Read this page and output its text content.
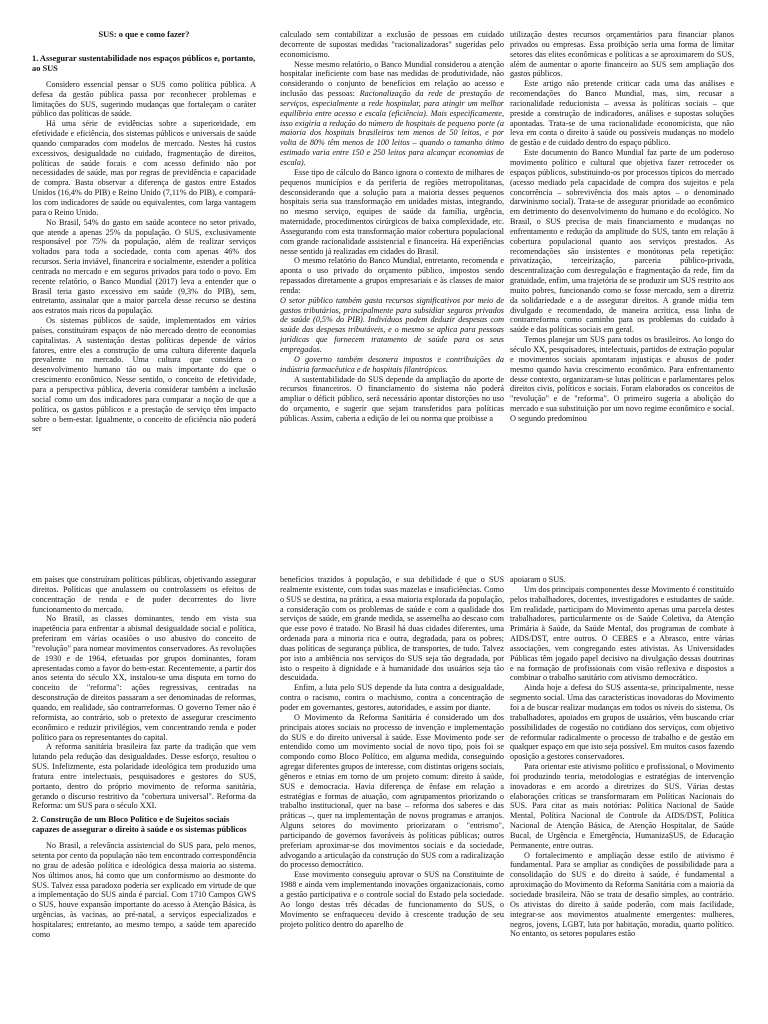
SUS: o que e como fazer?
1. Assegurar sustentabilidade nos espaços públicos e, portanto, ao SUS

Considero essencial pensar o SUS como política pública. A defesa da gestão pública passa por reconhecer problemas e limitações do SUS, sugerindo mudanças que fortaleçam o caráter público das políticas de saúde.

Há uma série de evidências sobre a superioridade, em efetividade e eficiência, dos sistemas públicos e universais de saúde quando comparados com modelos de mercado. Nestes há custos excessivos, desigualdade no cuidado, fragmentação de direitos, políticas de saúde focais e com acesso definido não por necessidades de saúde, mas por regras de previdência e capacidade de compra. Basta observar a diferença de gastos entre Estados Unidos (16,4% do PIB) e Reino Unido (7,11% do PIB), e compará-los com indicadores de saúde ou equivalentes, com larga vantagem para o Reino Unido.

No Brasil, 54% do gasto em saúde acontece no setor privado, que atende a apenas 25% da população. O SUS, exclusivamente responsável por 75% da população, além de realizar serviços voltados para toda a sociedade, conta com apenas 46% dos recursos. Seria inviável, financeira e socialmente, estender a política centrada no mercado e em seguros privados para todo o povo. Em recente relatório, o Banco Mundial (2017) leva a entender que o Brasil teria gasto excessivo em saúde (9,3% do PIB), sem, entretanto, assinalar que a maior parcela desse recurso se destina aos estratos mais ricos da população.

Os sistemas públicos de saúde, implementados em vários países, constituíram espaços de não mercado dentro de economias capitalistas. A sustentação destas políticas depende de vários fatores, entre eles a construção de uma cultura diferente daquela prevalente no mercado. Uma cultura que considera o desenvolvimento humano tão ou mais importante do que o crescimento econômico. Nesse sentido, o conceito de efetividade, para a perspectiva pública, deveria considerar também a inclusão social como um dos indicadores para comparar a noção de que a política, os gastos públicos e a prestação de serviço têm impacto sobre o bem-estar. Igualmente, o conceito de eficiência não poderá ser

calculado sem contabilizar a exclusão de pessoas em cuidado decorrente de supostas medidas "racionalizadoras" sugeridas pelo economicismo.

Nesse mesmo relatório, o Banco Mundial considerou a atenção hospitalar ineficiente com base nas medidas de produtividade, não considerando o conjunto de benefícios em relação ao acesso e inclusão das pessoas: Racionalização da rede de prestação de serviços, especialmente a rede hospitalar, para atingir um melhor equilíbrio entre acesso e escala (eficiência). Mais especificamente, isso exigiria a redução do número de hospitais de pequeno porte (a maioria dos hospitais brasileiros tem menos de 50 leitos, e por volta de 80% têm menos de 100 leitos – quando o tamanho ótimo estimado varia entre 150 e 250 leitos para alcançar economias de escala).

Esse tipo de cálculo do Banco ignora o contexto de milhares de pequenos municípios e da periferia de regiões metropolitanas, desconsiderando que a solução para a maioria desses pequenos hospitais seria sua transformação em unidades mistas, integrando, no mesmo serviço, equipes de saúde da família, urgência, maternidade, procedimentos cirúrgicos de baixa complexidade, etc. Assegurando com esta transformação maior cobertura populacional com grande racionalidade assistencial e financeira. Há experiências nesse sentido já realizadas em cidades do Brasil.

O mesmo relatório do Banco Mundial, entretanto, recomenda e aponta o uso privado do orçamento público, impostos sendo repassados diretamente a grupos empresariais e às classes de maior renda:

O setor público também gasta recursos significativos por meio de gastos tributários, principalmente para subsidiar seguros privados de saúde (0,5% do PIB). Indivíduos podem deduzir despesas com saúde das despesas tributáveis, e o mesmo se aplica para pessoas jurídicas que fornecem tratamento de saúde para os seus empregados.

O governo também desonera impostos e contribuições da indústria farmacêutica e de hospitais filantrópicos.

A sustentabilidade do SUS depende da ampliação do aporte de recursos financeiros. O financiamento do sistema não poderá ampliar o déficit público, será necessário apontar distorções no uso do orçamento, e sugerir que sejam transferidos para políticas públicas. Assim, caberia a edição de lei ou norma que proibisse a

utilização destes recursos orçamentários para financiar planos privados ou empresas. Essa proibição seria uma forma de limitar setores das elites econômicas e políticas a se aproximarem do SUS, além de aumentar o aporte financeiro ao SUS sem ampliação dos gastos públicos.

Este artigo não pretende criticar cada uma das análises e recomendações do Banco Mundial, mas, sim, recusar a racionalidade reducionista – avessa às políticas sociais – que preside a construção de indicadores, análises e supostas soluções apontadas. Trata-se de uma racionalidade economicista, que não leva em conta o direito à saúde ou possíveis mudanças no modelo de gestão e de cuidado dentro do espaço público.

Este documento do Banco Mundial faz parte de um poderoso movimento político e cultural que objetiva fazer retroceder os espaços públicos, substituindo-os por processos típicos do mercado (acesso mediado pela capacidade de compra dos sujeitos e pela concorrência – sobrevivência dos mais aptos – o denominado darwinismo social). Trata-se de assegurar prioridade ao econômico em detrimento do desenvolvimento do humano e do ecológico. No Brasil, o SUS precisa de mais financiamento e mudanças no enfrentamento e redução da amplitude do SUS, tanto em relação à cobertura populacional quanto aos serviços prestados. As recomendações são insistentes e monótonas pela repetição: privatização, terceirização, parceria público-privada, descentralização com desregulação e fragmentação da rede, fim da gratuidade, enfim, uma trajetória de se produzir um SUS restrito aos muito pobres, funcionando como se fosse mercado, sem a diretriz da solidariedade e a de assegurar direitos. A grande mídia tem divulgado e recomendado, de maneira acrítica, essa linha de contrarreforma como caminho para os problemas do cuidado à saúde e das políticas sociais em geral.

Temos planejar um SUS para todos os brasileiros. Ao longo do século XX, pesquisadores, intelectuais, partidos de extração popular e movimentos sociais apontaram injustiças e abusos de poder mesmo quando havia crescimento econômico. Para enfrentamento desse contexto, organizaram-se lutas políticas e parlamentares pelos direitos civis, políticos e sociais. Foram elaborados os conceitos de "revolução" e de "reforma". O primeiro sugeria a abolição do mercado e sua substituição por um novo regime econômico e social. O segundo predominou

em países que construíram políticas públicas, objetivando assegurar direitos. Políticas que anulassem ou controlassem os efeitos de concentração de renda e de poder decorrentes do livre funcionamento do mercado.

No Brasil, as classes dominantes, tendo em vista sua inapetência para enfrentar a abismal desigualdade social e política, preferiram em várias ocasiões o uso abusivo do conceito de "revolução" para nomear movimentos conservadores. As revoluções de 1930 e de 1964, efetuadas por grupos dominantes, foram apresentadas como a favor do bem-estar. Recentemente, a partir dos anos setenta do século XX, instalou-se uma disputa em torno do conceito de "reforma": ações regressivas, centradas na desconstrução de direitos passaram a ser denominadas de reformas, quando, em realidade, são contrarreformas. O governo Temer não é reformista, ao contrário, sob o pretexto de assegurar crescimento econômico e reduzir privilégios, vem concentrando renda e poder político para os representantes do capital.

A reforma sanitária brasileira faz parte da tradição que vem lutando pela redução das desigualdades. Desse esforço, resultou o SUS. Infelizmente, esta polaridade ideológica tem produzido uma fratura entre intelectuais, pesquisadores e gestores do SUS, portanto, dentro do próprio movimento de reforma sanitária, gerando o discurso restritivo da "cobertura universal". Reforma da Reforma: um SUS para o século XXI.

2. Construção de um Bloco Político e de Sujeitos sociais capazes de assegurar o direito à saúde e os sistemas públicos

No Brasil, a relevância assistencial do SUS para, pelo menos, setenta por cento da população não tem encontrado correspondência no grau de adesão política e ideológica dessa maioria ao sistema. Nos últimos anos, há como que um conformismo ao desmonte do SUS. Talvez essa paradoxo poderia ser explicado em virtude de que a implementação do SUS ainda é parcial. Com 1710 Campos GWS o SUS, houve expansão importante do acesso à Atenção Básica, às urgências, às vacinas, ao pré-natal, a serviços especializados e hospitalares; entretanto, ao mesmo tempo, a saúde tem aparecido como

benefícios trazidos à população, e sua debilidade é que o SUS realmente existente, com todas suas mazelas e insuficiências. Como o SUS se destina, na prática, a essa maioria explorada da população, a consideração com os problemas de saúde e com a qualidade dos serviços de saúde, em grande medida, se assemelha ao descaso com que esse povo é tratado. No Brasil há duas cidades diferentes, uma ordenada para a minoria rica e outra, degradada, para os pobres; duas políticas de segurança pública, de transportes, de tudo. Talvez por isto a ambiência nos serviços do SUS seja tão degradada, por isto o respeito à dignidade e à humanidade dos usuários seja tão descuidada.

Enfim, a luta pelo SUS depende da luta contra a desigualdade, contra o racismo, contra o machismo, contra a concentração de poder em governantes, gestores, autoridades, e assim por diante.

O Movimento da Reforma Sanitária é considerado um dos principais atores sociais no processo de invenção e implementação do SUS e do direito universal à saúde. Esse Movimento pode ser entendido como um movimento social de novo tipo, pois foi se compondo como Bloco Político, em alguma medida, conseguindo agregar diferentes grupos de interesse, com distintas origens sociais, gêneros e etnias em torno de um projeto comum: direito à saúde, SUS e democracia. Havia diferença de ênfase em relação a estratégias e formas de atuação, com agrupamentos priorizando o trabalho institucional, quer na base – reforma dos saberes e das práticas –, quer na implementação de novos programas e arranjos. Alguns setores do movimento priorizaram o "entrismo", participando de governos favoráveis às políticas públicas; outros preferiam aproximar-se dos movimentos sociais e da sociedade, advogando a articulação da construção do SUS com a radicalização do processo democrático.

Esse movimento conseguiu aprovar o SUS na Constituinte de 1988 e ainda vem implementando inovações organizacionais, como a gestão participativa e o controle social do Estado pela sociedade. Ao longo destas três décadas de funcionamento do SUS, o Movimento se enfraqueceu devido à crescente tradução de seu projeto político dentro do aparelho de

apoiaram o SUS.

Um dos principais componentes desse Movimento é constituído pelos trabalhadores, docentes, investigadores e estudantes de saúde. Em realidade, participam do Movimento apenas uma parcela destes trabalhadores, particularmente os de Saúde Coletiva, da Atenção Primária à Saúde, da Saúde Mental, dos programas de combate à AIDS/DST, entre outros. O CEBES e a Abrasco, entre várias associações, vem congregando estes ativistas. As Universidades Públicas têm jogado papel decisivo na divulgação dessas doutrinas e na formação de profissionais com visão reflexiva e dispostos a combinar o trabalho sanitário com ativismo democrático.

Ainda hoje a defesa do SUS assenta-se, principalmente, nesse segmento social. Uma das características inovadoras do Movimento foi a de buscar realizar mudanças em todos os níveis do sistema. Os trabalhadores, apoiados em grupos de usuários, vêm buscando criar possibilidades de cogestão no cotidiano dos serviços, com objetivo de reformular radicalmente o processo de trabalho e de gestão em qualquer espaço em que isto seja possível. Em muitos casos fazendo oposição a gestores conservadores.

Para orientar este ativismo político e profissional, o Movimento foi produzindo teoria, metodologias e estratégias de intervenção inovadoras e em acordo a diretrizes do SUS. Várias destas elaborações críticas se transformaram em Políticas Nacionais do SUS. Para citar as mais notórias: Política Nacional de Saúde Mental, Política Nacional de Controle da AIDS/DST, Política Nacional de Atenção Básica, de Atenção Hospitalar, de Saúde Bucal, de Urgência e Emergência, HumanizaSUS, de Educação Permanente, entre outras.

O fortalecimento e ampliação desse estilo de ativismo é fundamental. Para se ampliar as condições de possibilidade para a consolidação do SUS e do direito à saúde, é fundamental a aproximação do Movimento da Reforma Sanitária com a maioria da sociedade brasileira. Não se trata de desafio simples, ao contrário. Os ativistas do direito à saúde poderão, com mais facilidade, integrar-se aos movimentos atualmente emergentes: mulheres, negros, jovens, LGBT, luta por habitação, moradia, quarto político. No entanto, os setores populares estão
